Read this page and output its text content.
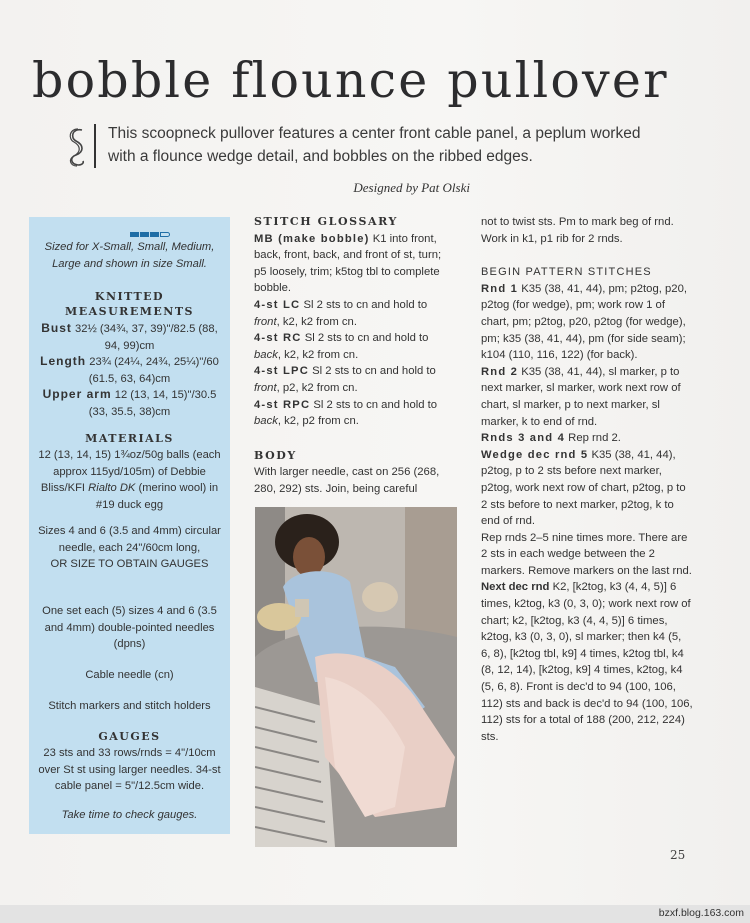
bobble flounce pullover
This scoopneck pullover features a center front cable panel, a peplum worked with a flounce wedge detail, and bobbles on the ribbed edges.
Designed by Pat Olski
Sized for X-Small, Small, Medium, Large and shown in size Small.
KNITTED MEASUREMENTS
Bust 32½ (34¾, 37, 39)"/82.5 (88, 94, 99)cm
Length 23¾ (24¼, 24¾, 25¼)"/60 (61.5, 63, 64)cm
Upper arm 12 (13, 14, 15)"/30.5 (33, 35.5, 38)cm
MATERIALS
12 (13, 14, 15) 1¾oz/50g balls (each approx 115yd/105m) of Debbie Bliss/KFI Rialto DK (merino wool) in #19 duck egg
Sizes 4 and 6 (3.5 and 4mm) circular needle, each 24"/60cm long,
OR SIZE TO OBTAIN GAUGES
One set each (5) sizes 4 and 6 (3.5 and 4mm) double-pointed needles (dpns)
Cable needle (cn)
Stitch markers and stitch holders
GAUGES
23 sts and 33 rows/rnds = 4"/10cm over St st using larger needles. 34-st cable panel = 5"/12.5cm wide.
Take time to check gauges.

STITCH GLOSSARY

MB (make bobble) K1 into front, back, front, back, and front of st, turn; p5 loosely, trim; k5tog tbl to complete bobble.

4-st LC Sl 2 sts to cn and hold to front, k2, k2 from cn.

4-st RC Sl 2 sts to cn and hold to back, k2, k2 from cn.

4-st LPC Sl 2 sts to cn and hold to front, p2, k2 from cn.

4-st RPC Sl 2 sts to cn and hold to back, k2, p2 from cn.

BODY

With larger needle, cast on 256 (268, 280, 292) sts. Join, being careful

not to twist sts. Pm to mark beg of rnd. Work in k1, p1 rib for 2 rnds.

BEGIN PATTERN STITCHES

Rnd 1 K35 (38, 41, 44), pm; p2tog, p20, p2tog (for wedge), pm; work row 1 of chart, pm; p2tog, p20, p2tog (for wedge), pm; k35 (38, 41, 44), pm (for side seam); k104 (110, 116, 122) (for back).

Rnd 2 K35 (38, 41, 44), sl marker, p to next marker, sl marker, work next row of chart, sl marker, p to next marker, sl marker, k to end of rnd.

Rnds 3 and 4 Rep rnd 2.

Wedge dec rnd 5 K35 (38, 41, 44), p2tog, p to 2 sts before next marker, p2tog, work next row of chart, p2tog, p to 2 sts before to next marker, p2tog, k to end of rnd.

Rep rnds 2–5 nine times more. There are 2 sts in each wedge between the 2 markers. Remove markers on the last rnd.

Next dec rnd K2, [k2tog, k3 (4, 4, 5)] 6 times, k2tog, k3 (0, 3, 0); work next row of chart; k2, [k2tog, k3 (4, 4, 5)] 6 times, k2tog, k3 (0, 3, 0), sl marker; then k4 (5, 6, 8), [k2tog tbl, k9] 4 times, k2tog tbl, k4 (8, 12, 14), [k2tog, k9] 4 times, k2tog, k4 (5, 6, 8). Front is dec'd to 94 (100, 106, 112) sts and back is dec'd to 94 (100, 106, 112) sts for a total of 188 (200, 212, 224) sts.

25
bzxf.blog.163.com
